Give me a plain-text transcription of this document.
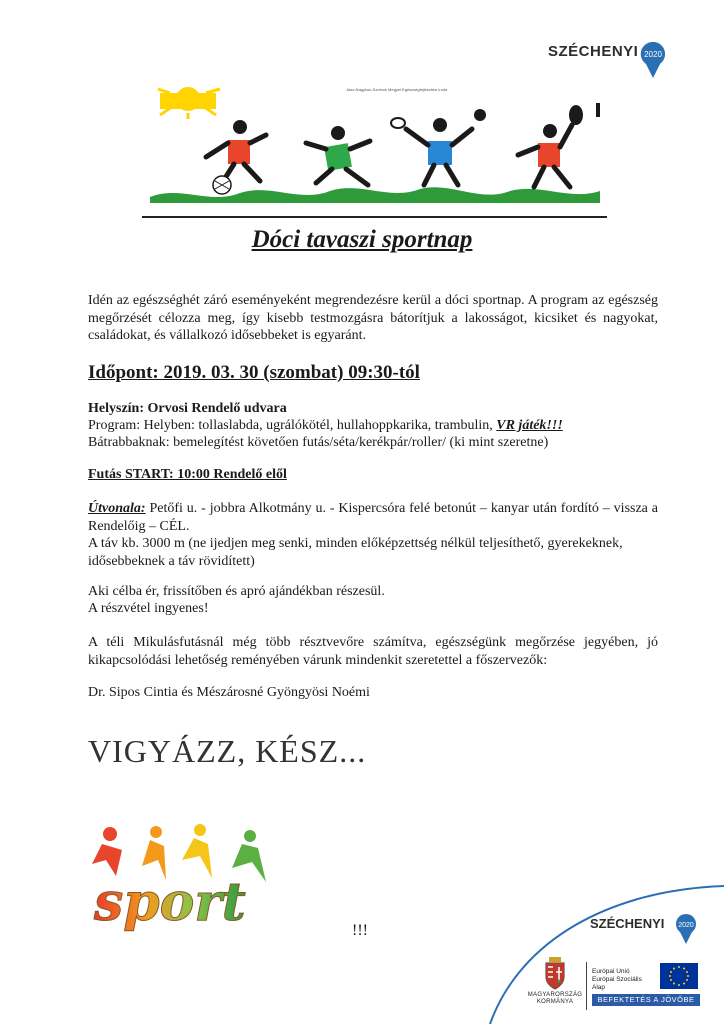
SZÉCHENYI 2020
Jász-Nagykun-Szolnok Megyei Egészségfejlesztési Iroda
Dóci tavaszi sportnap
Idén az egészséghét záró eseményeként megrendezésre kerül a dóci sportnap. A program az egészség megőrzését célozza meg, így kisebb testmozgásra bátorítjuk a lakosságot, kicsiket és nagyokat, családokat, és vállalkozó idősebbeket is egyaránt.
Időpont: 2019. 03. 30 (szombat) 09:30-tól
Helyszín: Orvosi Rendelő udvara
Program: Helyben: tollaslabda, ugrálókötél, hullahoppkarika, trambulin, VR játék!!!
Bátrabbaknak: bemelegítést követően futás/séta/kerékpár/roller/ (ki mint szeretne)
Futás START: 10:00 Rendelő elől
Útvonala: Petőfi u. - jobbra Alkotmány u. - Kispercsóra felé betonút – kanyar után fordító – vissza a Rendelőig – CÉL.
A táv kb. 3000 m (ne ijedjen meg senki, minden előképzettség nélkül teljesíthető, gyerekeknek, idősebbeknek a táv rövidített)
Aki célba ér, frissítőben és apró ajándékban részesül.
A részvétel ingyenes!
A téli Mikulásfutásnál még több résztvevőre számítva, egészségünk megőrzése jegyében, jó kikapcsolódási lehetőség reményében várunk mindenkit szeretettel a főszervezők:
Dr. Sipos Cintia és Mészárosné Gyöngyösi Noémi
VIGYÁZZ, KÉSZ...
sport	!!!	SZÉCHENYI 2020
MAGYARORSZÁG
KORMÁNYA
Európai Unió
Európai Szociális
Alap
BEFEKTETÉS A JÖVŐBE
